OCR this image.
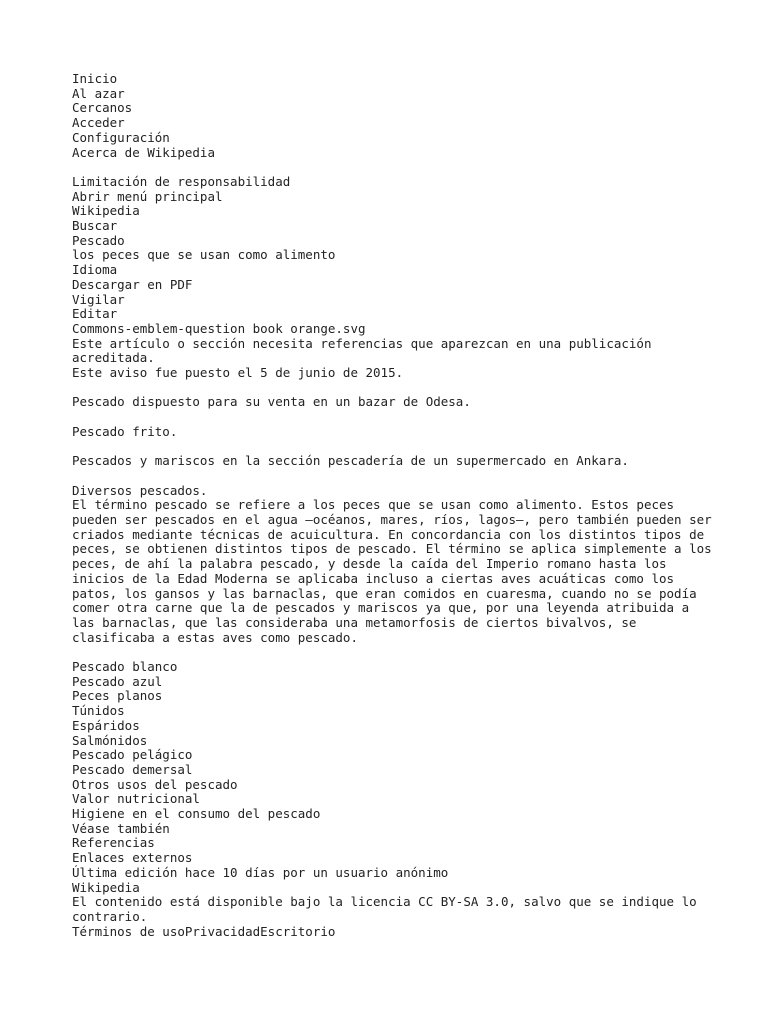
Inicio
Al azar
Cercanos
Acceder
Configuración
Acerca de Wikipedia
Limitación de responsabilidad
Abrir menú principal
Wikipedia
Buscar
Pescado
los peces que se usan como alimento
Idioma
Descargar en PDF
Vigilar
Editar
Commons-emblem-question book orange.svg
Este artículo o sección necesita referencias que aparezcan en una publicación acreditada.
Este aviso fue puesto el 5 de junio de 2015.
Pescado dispuesto para su venta en un bazar de Odesa.
Pescado frito.
Pescados y mariscos en la sección pescadería de un supermercado en Ankara.
Diversos pescados.
El término pescado se refiere a los peces que se usan como alimento. Estos peces pueden ser pescados en el agua —océanos, mares, ríos, lagos—, pero también pueden ser criados mediante técnicas de acuicultura. En concordancia con los distintos tipos de peces, se obtienen distintos tipos de pescado. El término se aplica simplemente a los peces, de ahí la palabra pescado, y desde la caída del Imperio romano hasta los inicios de la Edad Moderna se aplicaba incluso a ciertas aves acuáticas como los patos, los gansos y las barnaclas, que eran comidos en cuaresma, cuando no se podía comer otra carne que la de pescados y mariscos ya que, por una leyenda atribuida a las barnaclas, que las consideraba una metamorfosis de ciertos bivalvos, se clasificaba a estas aves como pescado.
Pescado blanco
Pescado azul
Peces planos
Túnidos
Espáridos
Salmónidos
Pescado pelágico
Pescado demersal
Otros usos del pescado
Valor nutricional
Higiene en el consumo del pescado
Véase también
Referencias
Enlaces externos
Última edición hace 10 días por un usuario anónimo
Wikipedia
El contenido está disponible bajo la licencia CC BY-SA 3.0, salvo que se indique lo contrario.
Términos de usoPrivacidadEscritorio
